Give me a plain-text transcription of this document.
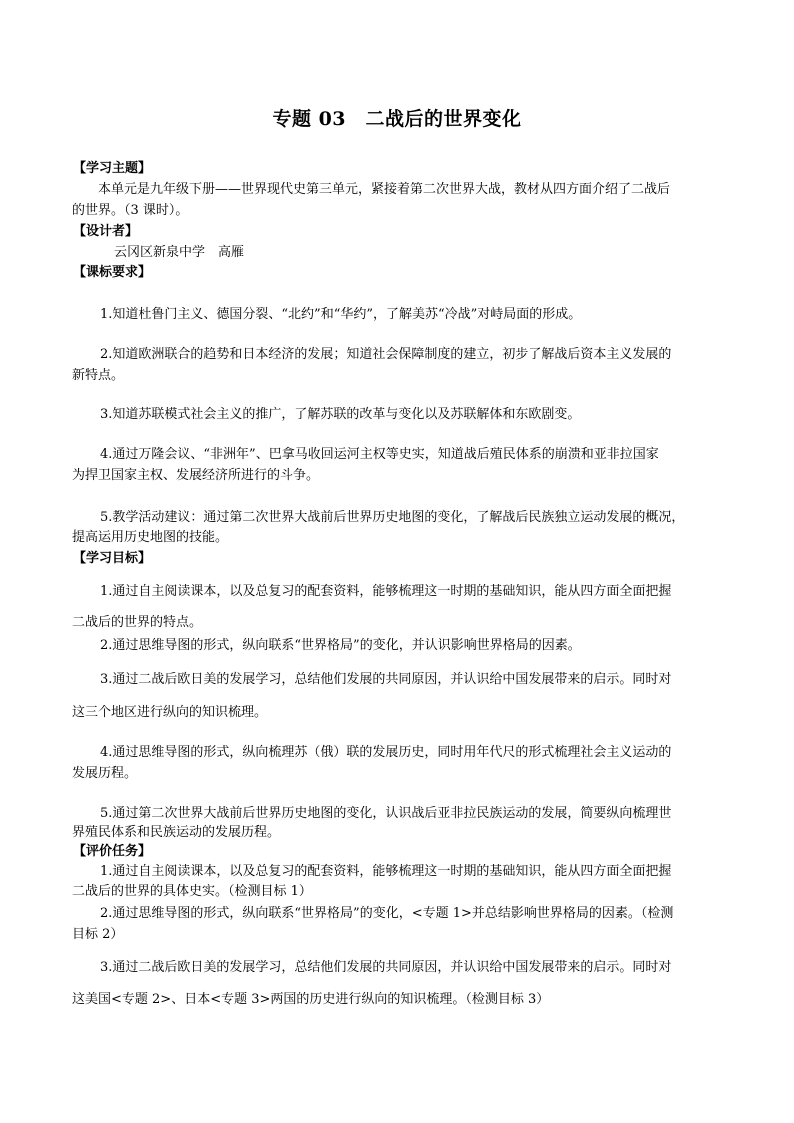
专题 03　二战后的世界变化
【学习主题】
本单元是九年级下册——世界现代史第三单元，紧接着第二次世界大战，教材从四方面介绍了二战后
的世界。（3 课时）。
【设计者】
云冈区新泉中学　高雁
【课标要求】
1.知道杜鲁门主义、德国分裂、“北约”和“华约”，了解美苏“冷战”对峙局面的形成。
2.知道欧洲联合的趋势和日本经济的发展；知道社会保障制度的建立，初步了解战后资本主义发展的
新特点。
3.知道苏联模式社会主义的推广，了解苏联的改革与变化以及苏联解体和东欧剧变。
4.通过万隆会议、“非洲年”、巴拿马收回运河主权等史实，知道战后殖民体系的崩溃和亚非拉国家
为捍卫国家主权、发展经济所进行的斗争。
5.教学活动建议：通过第二次世界大战前后世界历史地图的变化，了解战后民族独立运动发展的概况，
提高运用历史地图的技能。
【学习目标】
1.通过自主阅读课本，以及总复习的配套资料，能够梳理这一时期的基础知识，能从四方面全面把握
二战后的世界的特点。
2.通过思维导图的形式，纵向联系“世界格局”的变化，并认识影响世界格局的因素。
3.通过二战后欧日美的发展学习，总结他们发展的共同原因，并认识给中国发展带来的启示。同时对
这三个地区进行纵向的知识梳理。
4.通过思维导图的形式，纵向梳理苏（俄）联的发展历史，同时用年代尺的形式梳理社会主义运动的
发展历程。
5.通过第二次世界大战前后世界历史地图的变化，认识战后亚非拉民族运动的发展，简要纵向梳理世
界殖民体系和民族运动的发展历程。
【评价任务】
1.通过自主阅读课本，以及总复习的配套资料，能够梳理这一时期的基础知识，能从四方面全面把握
二战后的世界的具体史实。（检测目标 1）
2.通过思维导图的形式，纵向联系“世界格局”的变化，<专题 1>并总结影响世界格局的因素。（检测
目标 2）
3.通过二战后欧日美的发展学习，总结他们发展的共同原因，并认识给中国发展带来的启示。同时对
这美国<专题 2>、日本<专题 3>两国的历史进行纵向的知识梳理。（检测目标 3）
